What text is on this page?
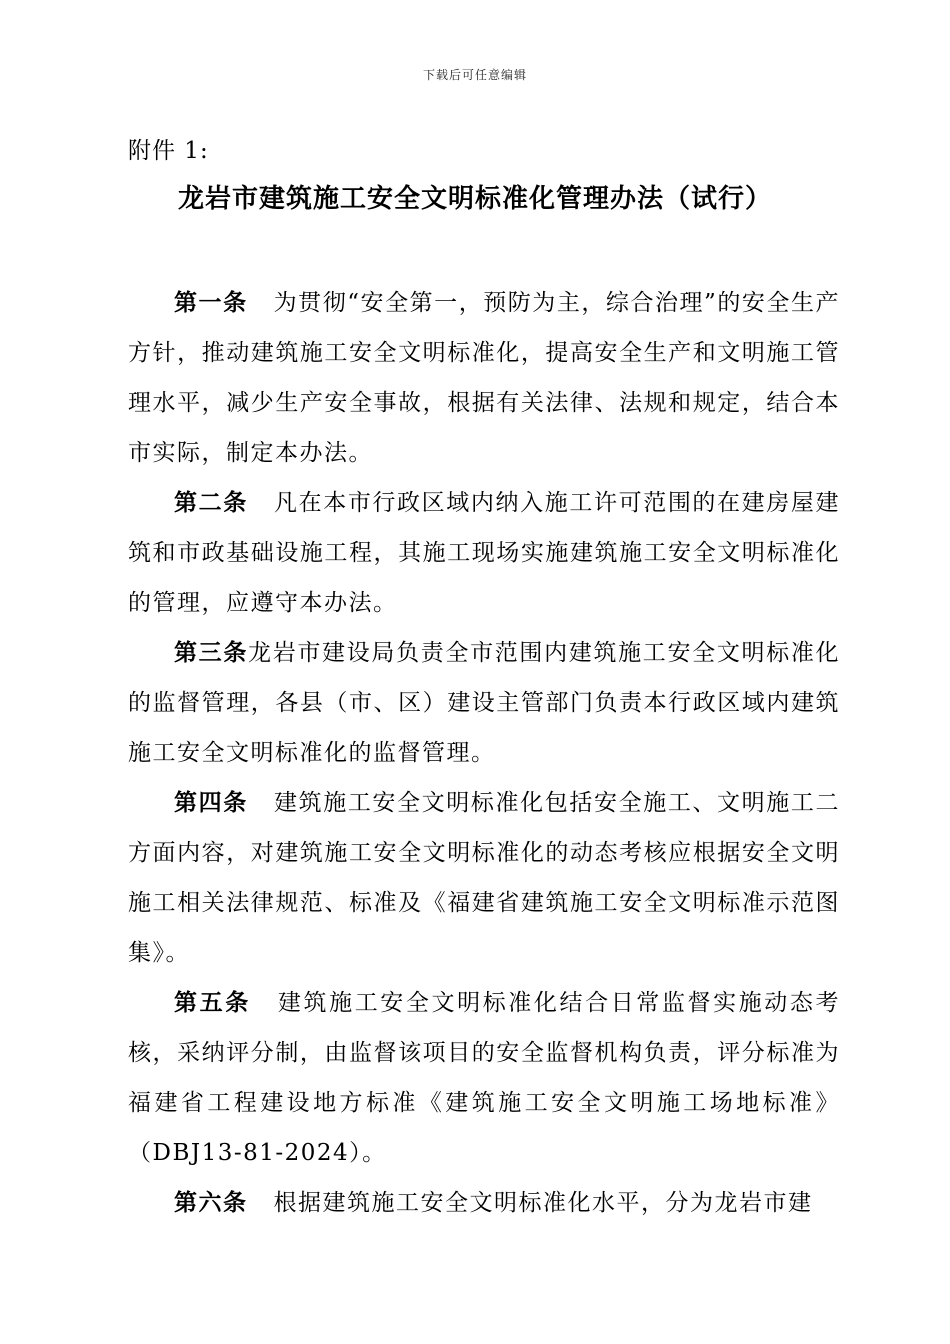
下载后可任意编辑
附件 1:
龙岩市建筑施工安全文明标准化管理办法（试行）

第一条 为贯彻“安全第一，预防为主，综合治理”的安全生产方针，推动建筑施工安全文明标准化，提高安全生产和文明施工管理水平，减少生产安全事故，根据有关法律、法规和规定，结合本市实际，制定本办法。

第二条 凡在本市行政区域内纳入施工许可范围的在建房屋建筑和市政基础设施工程，其施工现场实施建筑施工安全文明标准化的管理，应遵守本办法。

第三条龙岩市建设局负责全市范围内建筑施工安全文明标准化的监督管理，各县（市、区）建设主管部门负责本行政区域内建筑施工安全文明标准化的监督管理。

第四条 建筑施工安全文明标准化包括安全施工、文明施工二方面内容，对建筑施工安全文明标准化的动态考核应根据安全文明施工相关法律规范、标准及《福建省建筑施工安全文明标准示范图集》。

第五条 建筑施工安全文明标准化结合日常监督实施动态考核，采纳评分制，由监督该项目的安全监督机构负责，评分标准为福建省工程建设地方标准《建筑施工安全文明施工场地标准》（DBJ13-81-2024）。

第六条 根据建筑施工安全文明标准化水平，分为龙岩市建
